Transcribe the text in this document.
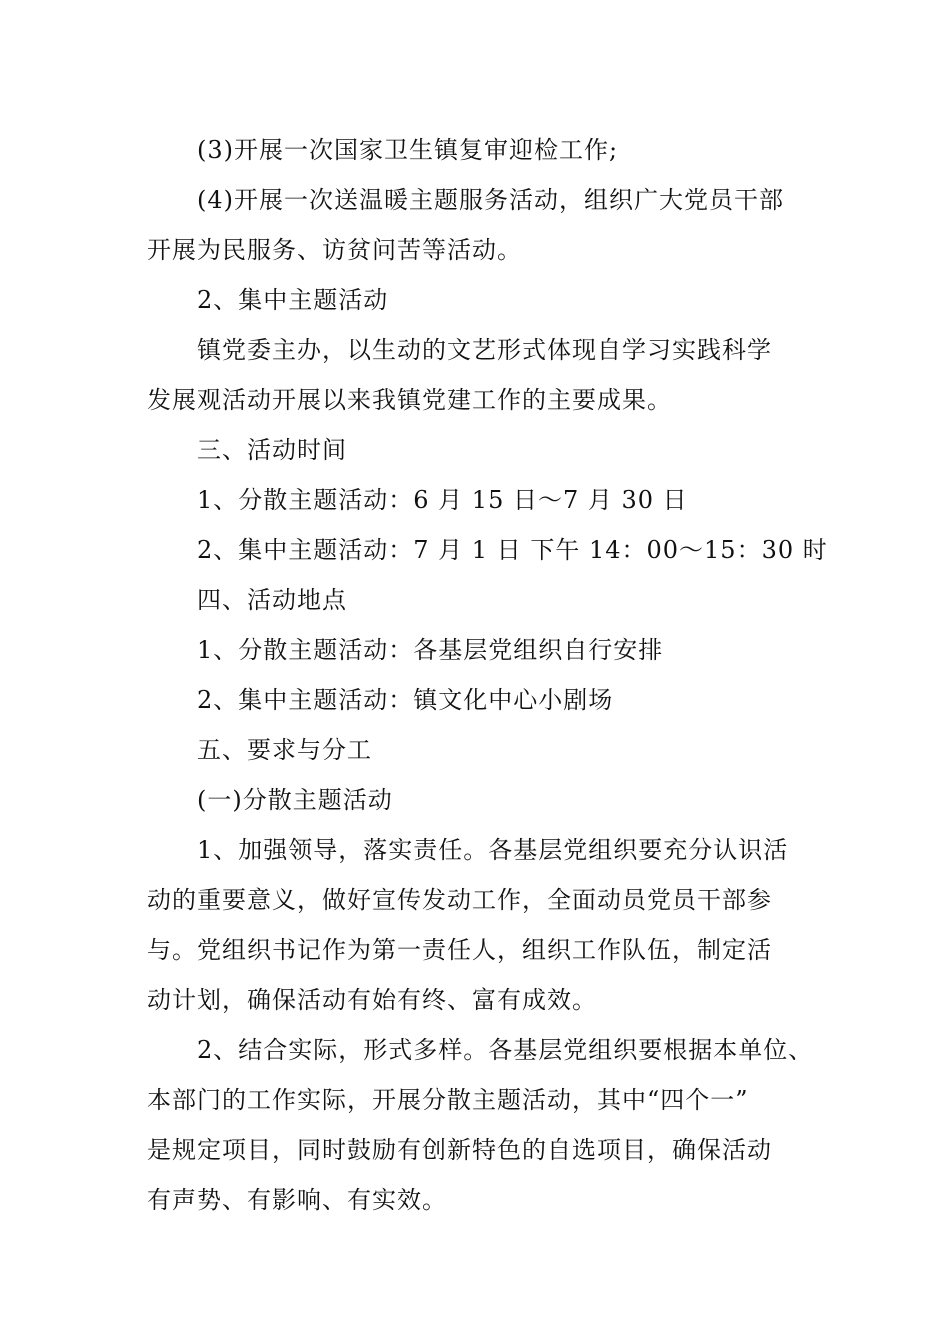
(3)开展一次国家卫生镇复审迎检工作;
(4)开展一次送温暖主题服务活动，组织广大党员干部
开展为民服务、访贫问苦等活动。
2、集中主题活动
镇党委主办，以生动的文艺形式体现自学习实践科学
发展观活动开展以来我镇党建工作的主要成果。
三、活动时间
1、分散主题活动：6 月 15 日～7 月 30 日
2、集中主题活动：7 月 1 日 下午 14：00～15：30 时
四、活动地点
1、分散主题活动：各基层党组织自行安排
2、集中主题活动：镇文化中心小剧场
五、要求与分工
(一)分散主题活动
1、加强领导，落实责任。各基层党组织要充分认识活
动的重要意义，做好宣传发动工作，全面动员党员干部参
与。党组织书记作为第一责任人，组织工作队伍，制定活
动计划，确保活动有始有终、富有成效。
2、结合实际，形式多样。各基层党组织要根据本单位、
本部门的工作实际，开展分散主题活动，其中“四个一”
是规定项目，同时鼓励有创新特色的自选项目，确保活动
有声势、有影响、有实效。
